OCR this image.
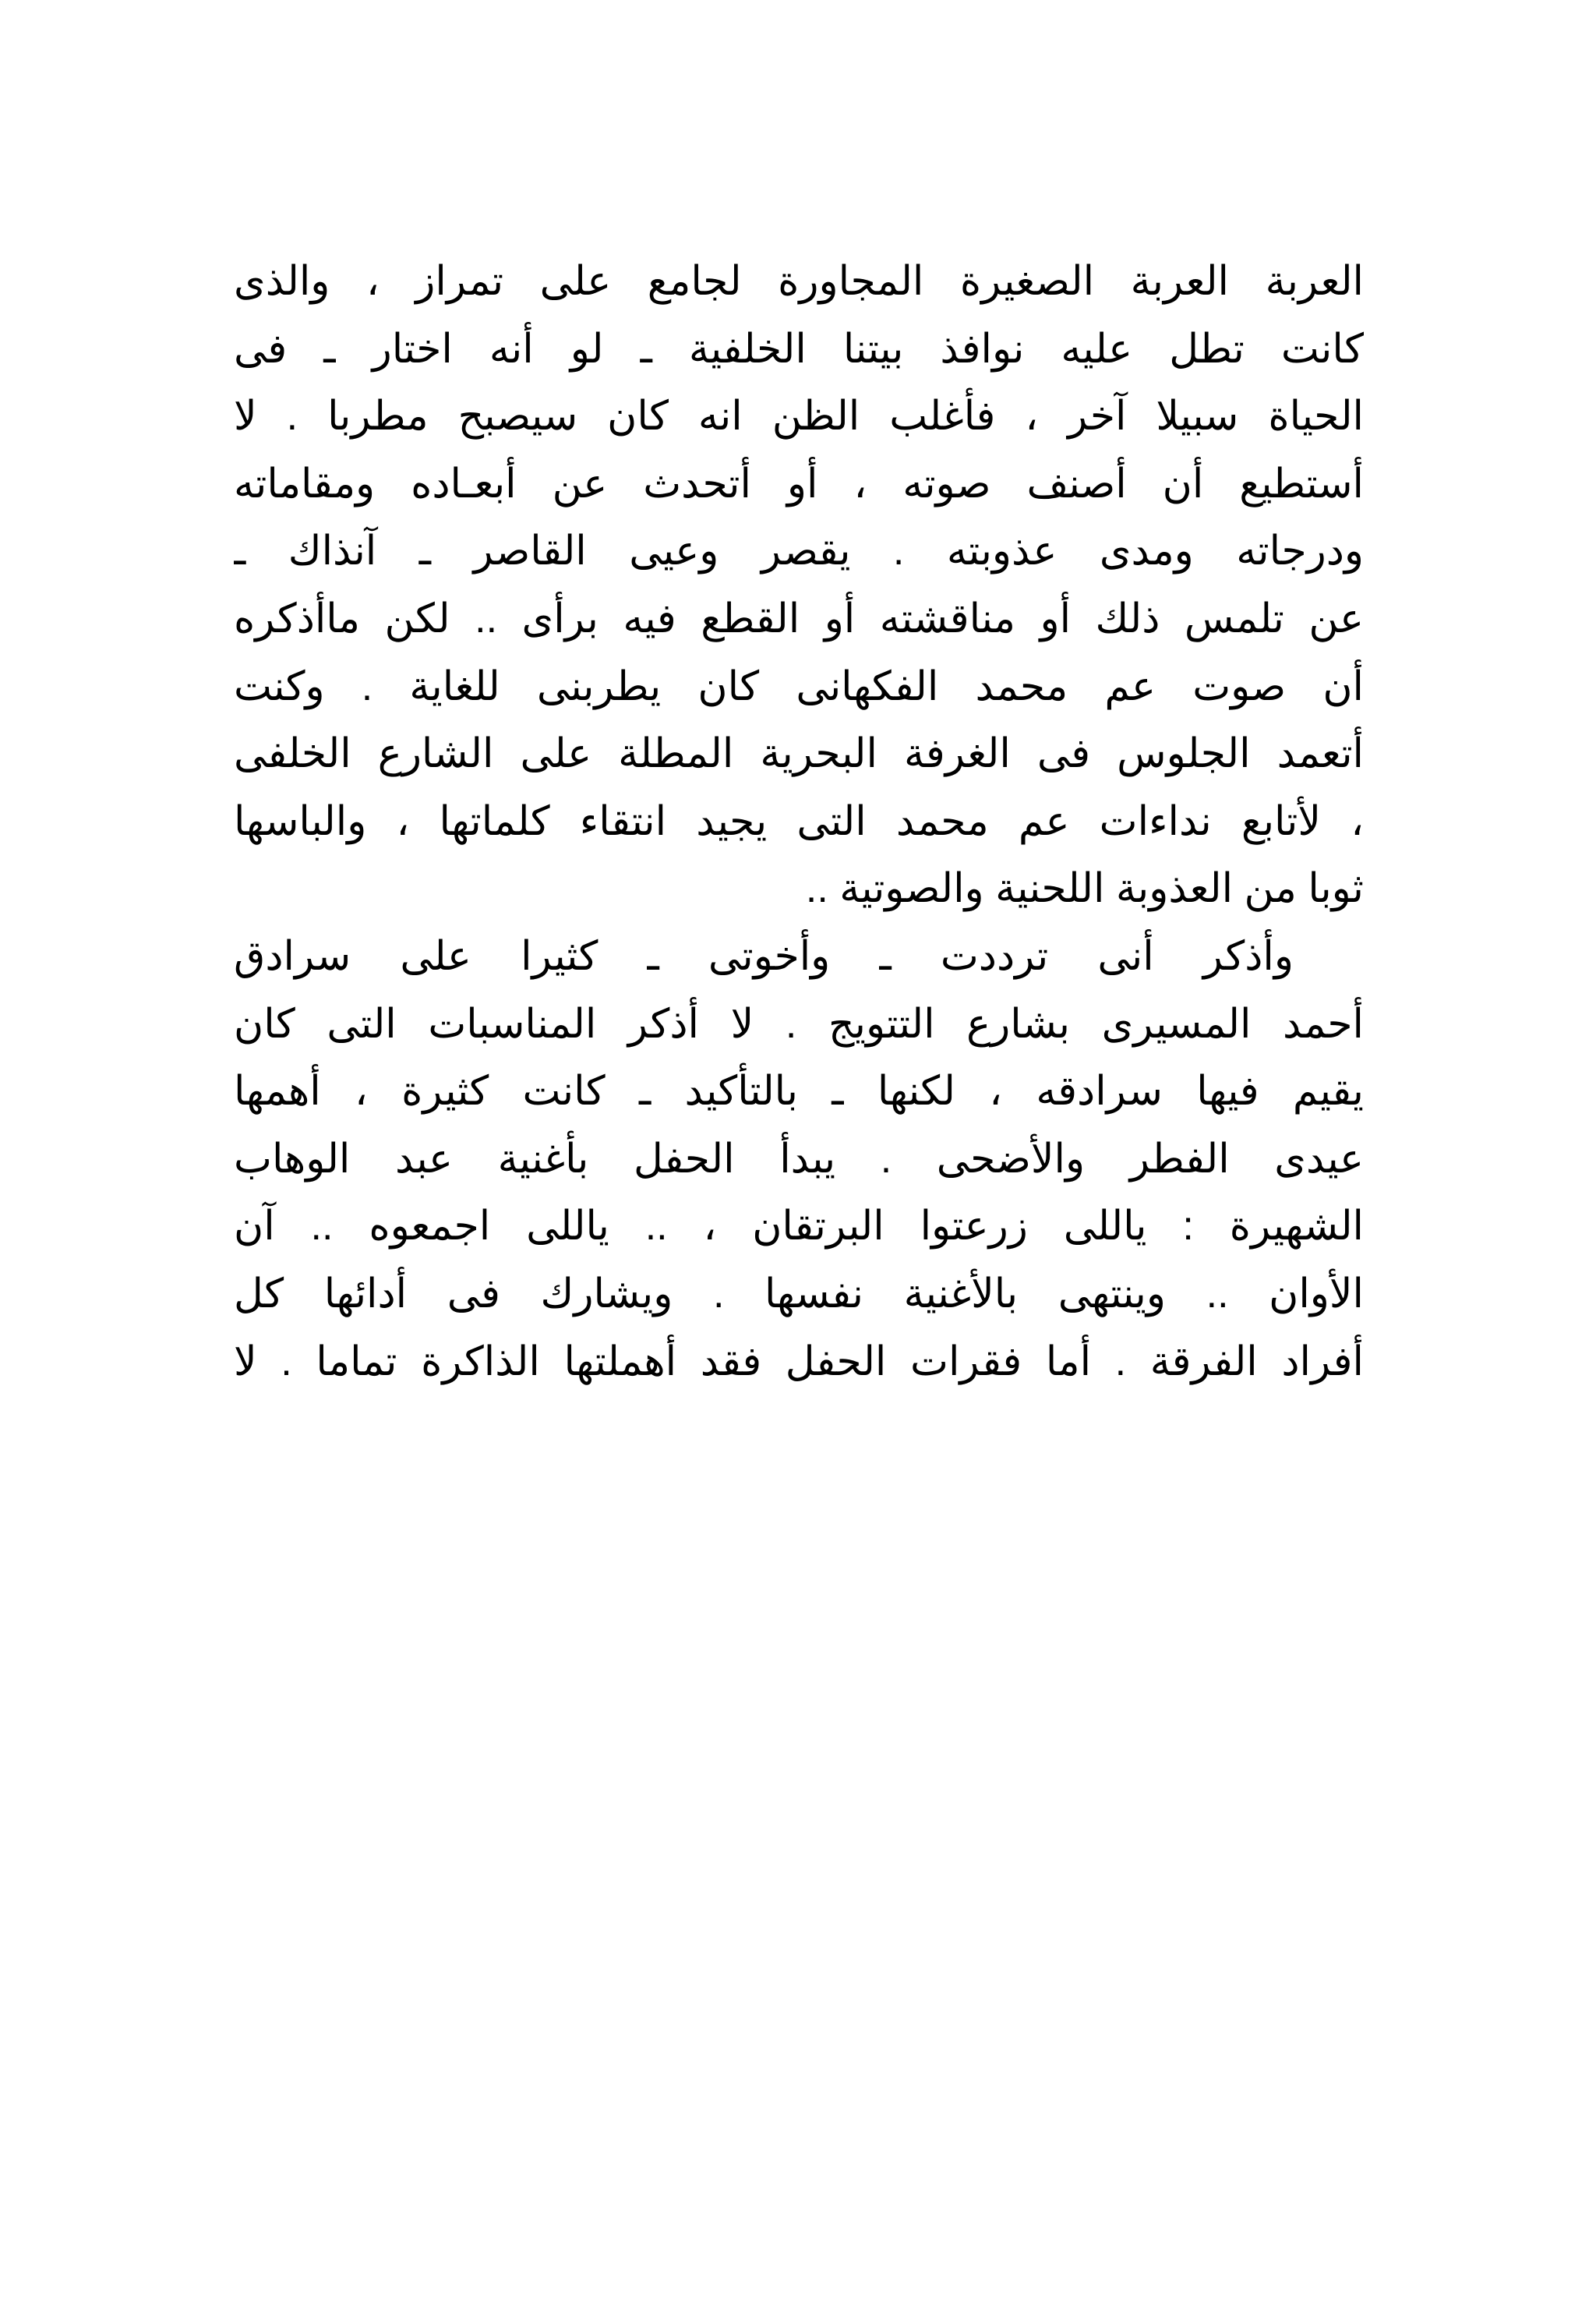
العربة العربة الصغيرة المجاورة لجامع على تمراز ، والذى
كانت تطل عليه نوافذ بيتنا الخلفية ـ لو أنه اختار ـ فى
الحياة سبيلا آخر ، فأغلب الظن انه كان سيصبح مطربا . لا
أستطيع أن أصنف صوته ، أو أتحدث عن أبعـاده ومقاماته
ودرجاته ومدى عذوبته . يقصر وعيى القاصر ـ آنذاك ـ
عن تلمس ذلك أو مناقشته أو القطع فيه برأى .. لكن ماأذكره
أن صوت عم محمد الفكهانى كان يطربنى للغاية . وكنت
أتعمد الجلوس فى الغرفة البحرية المطلة على الشارع الخلفى
، لأتابع نداءات عم محمد التى يجيد انتقاء كلماتها ، والباسها
ثوبا من العذوبة اللحنية والصوتية ..
وأذكر أنى ترددت ـ وأخوتى ـ كثيرا على سرادق
أحمد المسيرى بشارع التتويج . لا أذكر المناسبات التى كان
يقيم فيها سرادقه ، لكنها ـ بالتأكيد ـ كانت كثيرة ، أهمها
عيدى الفطر والأضحى . يبدأ الحفل بأغنية عبد الوهاب
الشهيرة : ياللى زرعتوا البرتقان ، .. ياللى اجمعوه .. آن
الأوان .. وينتهى بالأغنية نفسها . ويشارك فى أدائها كل
أفراد الفرقة . أما فقرات الحفل فقد أهملتها الذاكرة تماما . لا
